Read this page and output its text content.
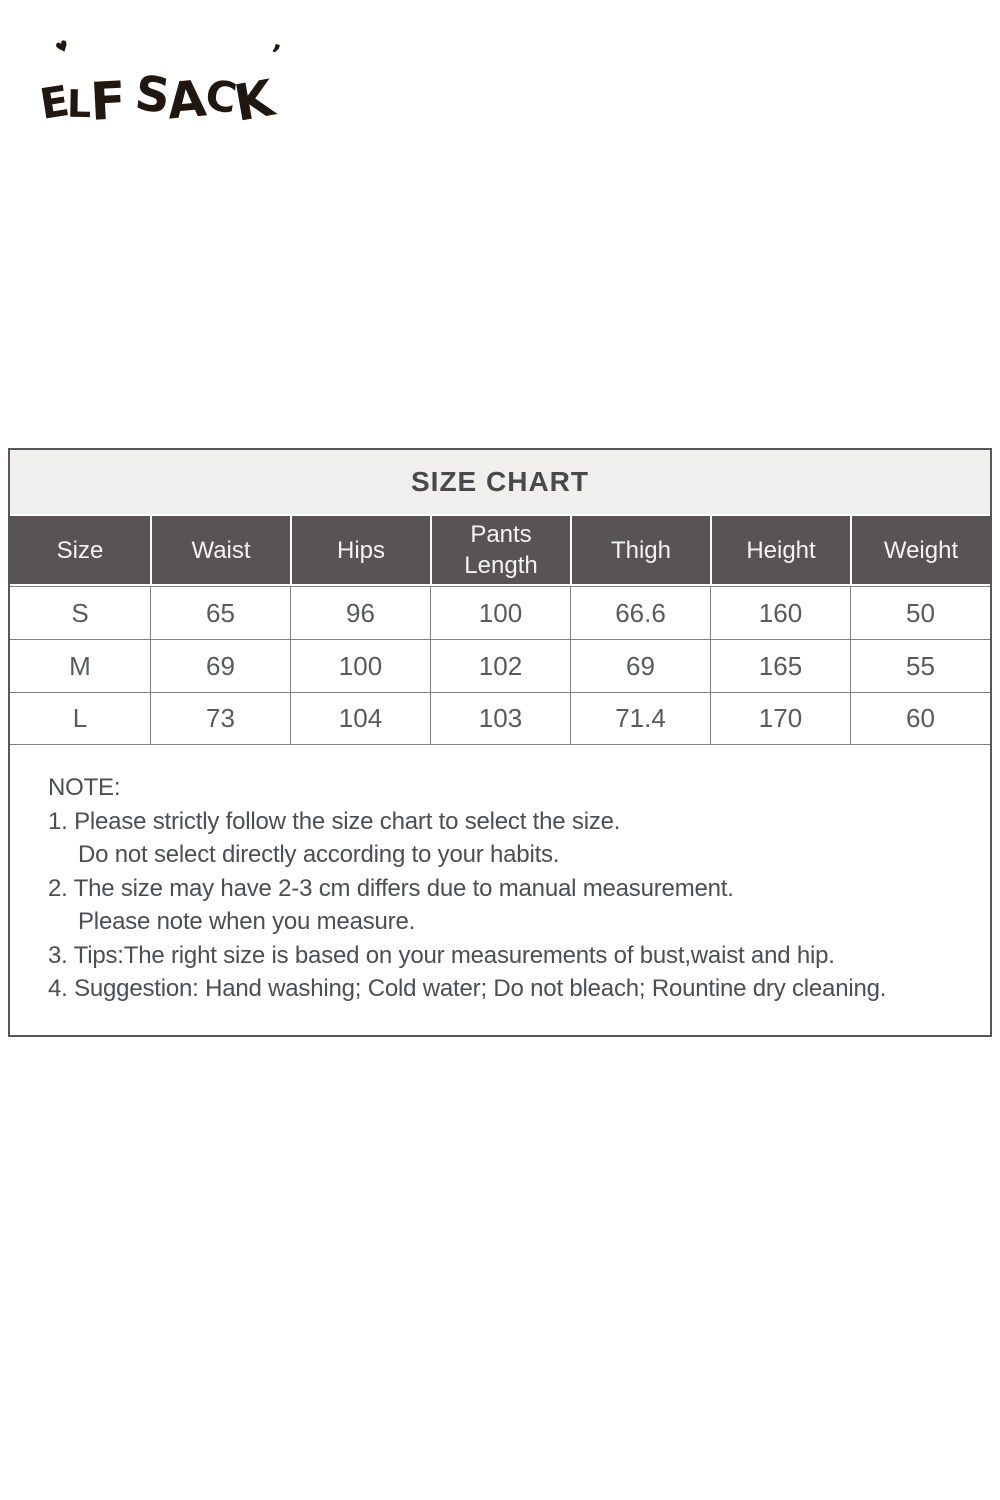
♥
E
L
F S
A
C
K
’
SIZE CHART
Size	Waist	Hips	Pants Length	Thigh	Height	Weight
S	65	96	100	66.6	160	50
M	69	100	102	69	165	55
L	73	104	103	71.4	170	60
NOTE:
1. Please strictly follow the size chart to select the size.
Do not select directly according to your habits.
2. The size may have 2-3 cm differs due to manual measurement.
Please note when you measure.
3. Tips:The right size is based on your measurements of bust,waist and hip.
4. Suggestion: Hand washing; Cold water; Do not bleach; Rountine dry cleaning.
